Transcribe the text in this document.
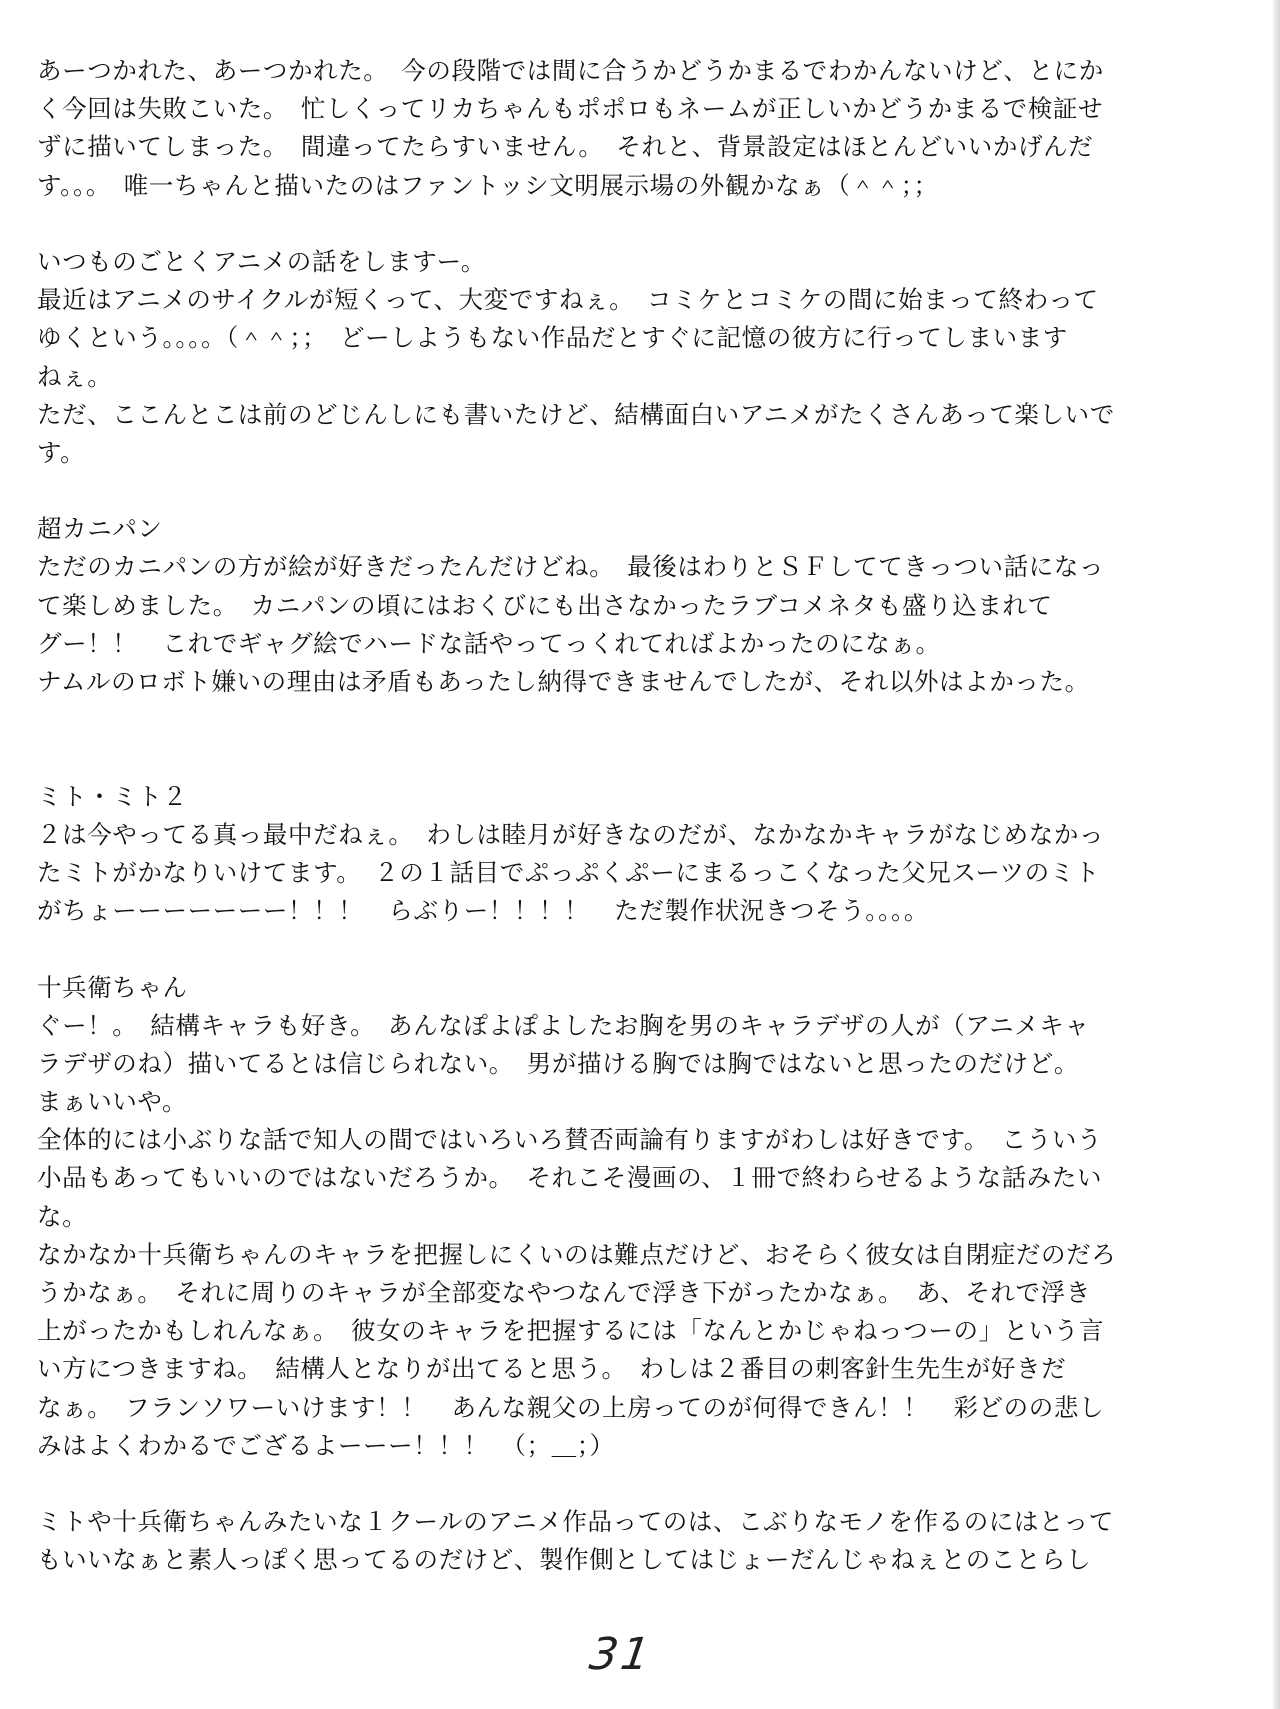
あーつかれた、あーつかれた。　今の段階では間に合うかどうかまるでわかんないけど、とにか
く今回は失敗こいた。　忙しくってリカちゃんもポポロもネームが正しいかどうかまるで検証せ
ずに描いてしまった。　間違ってたらすいません。　それと、背景設定はほとんどいいかげんだ
す。。。　唯一ちゃんと描いたのはファントッシ文明展示場の外観かなぁ（＾＾；；
いつものごとくアニメの話をしますー。
最近はアニメのサイクルが短くって、大変ですねぇ。　コミケとコミケの間に始まって終わって
ゆくという。。。。（＾＾；；　どーしようもない作品だとすぐに記憶の彼方に行ってしまいます
ねぇ。
ただ、ここんとこは前のどじんしにも書いたけど、結構面白いアニメがたくさんあって楽しいで
す。
超カニパン
ただのカニパンの方が絵が好きだったんだけどね。　最後はわりとＳＦしててきっつい話になっ
て楽しめました。　カニパンの頃にはおくびにも出さなかったラブコメネタも盛り込まれて
グー！！　これでギャグ絵でハードな話やってっくれてればよかったのになぁ。
ナムルのロボト嫌いの理由は矛盾もあったし納得できませんでしたが、それ以外はよかった。
ミト・ミト２
２は今やってる真っ最中だねぇ。　わしは睦月が好きなのだが、なかなかキャラがなじめなかっ
たミトがかなりいけてます。　２の１話目でぷっぷくぷーにまるっこくなった父兄スーツのミト
がちょーーーーーーー！！！　らぶりー！！！！　ただ製作状況きつそう。。。。
十兵衛ちゃん
ぐー！。　結構キャラも好き。　あんなぽよぽよしたお胸を男のキャラデザの人が（アニメキャ
ラデザのね）描いてるとは信じられない。　男が描ける胸では胸ではないと思ったのだけど。
まぁいいや。
全体的には小ぶりな話で知人の間ではいろいろ賛否両論有りますがわしは好きです。　こういう
小品もあってもいいのではないだろうか。　それこそ漫画の、１冊で終わらせるような話みたい
な。
なかなか十兵衛ちゃんのキャラを把握しにくいのは難点だけど、おそらく彼女は自閉症だのだろ
うかなぁ。　それに周りのキャラが全部変なやつなんで浮き下がったかなぁ。　あ、それで浮き
上がったかもしれんなぁ。　彼女のキャラを把握するには「なんとかじゃねっつーの」という言
い方につきますね。　結構人となりが出てると思う。　わしは２番目の刺客針生先生が好きだ
なぁ。　フランソワーいけます！！　あんな親父の上房ってのが何得できん！！　彩どのの悲し
みはよくわかるでござるよーーー！！！　（；＿；）
ミトや十兵衛ちゃんみたいな１クールのアニメ作品ってのは、こぶりなモノを作るのにはとって
もいいなぁと素人っぽく思ってるのだけど、製作側としてはじょーだんじゃねぇとのことらし
31
